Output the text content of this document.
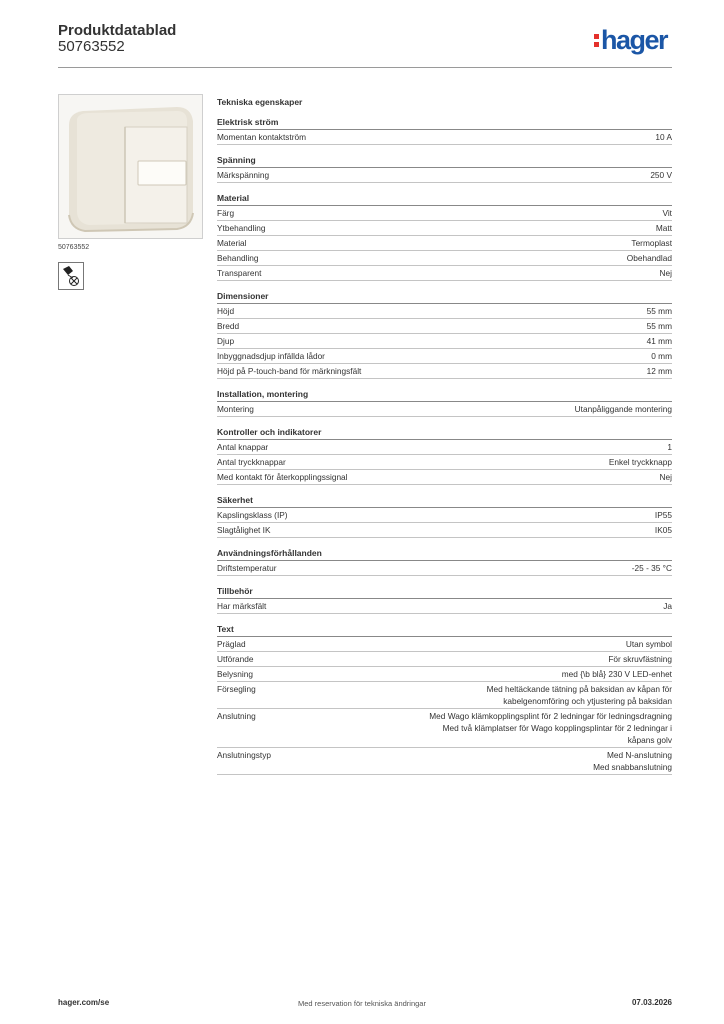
Produktdatablad
50763552	hager
50763552
Tekniska egenskaper
Elektrisk ström
Momentan kontaktström	10 A
Spänning
Märkspänning	250 V
Material
Färg	Vit
Ytbehandling	Matt
Material	Termoplast
Behandling	Obehandlad
Transparent	Nej
Dimensioner
Höjd	55 mm
Bredd	55 mm
Djup	41 mm
Inbyggnadsdjup infällda lådor	0 mm
Höjd på P-touch-band för märkningsfält	12 mm
Installation, montering
Montering	Utanpåliggande montering
Kontroller och indikatorer
Antal knappar	1
Antal tryckknappar	Enkel tryckknapp
Med kontakt för återkopplingssignal	Nej
Säkerhet
Kapslingsklass (IP)	IP55
Slagtålighet IK	IK05
Användningsförhållanden
Driftstemperatur	-25 - 35 °C
Tillbehör
Har märksfält	Ja
Text
Präglad	Utan symbol
Utförande	För skruvfästning
Belysning	med {\b blå} 230 V LED-enhet
Försegling	Med heltäckande tätning på baksidan av kåpan för
kabelgenomföring och ytjustering på baksidan
Anslutning	Med Wago klämkopplingsplint för 2 ledningar för ledningsdragning
Med två klämplatser för Wago kopplingsplintar för 2 ledningar i
kåpans golv
Anslutningstyp	Med N-anslutning
Med snabbanslutning
hager.com/se	Med reservation för tekniska ändringar	07.03.2026
